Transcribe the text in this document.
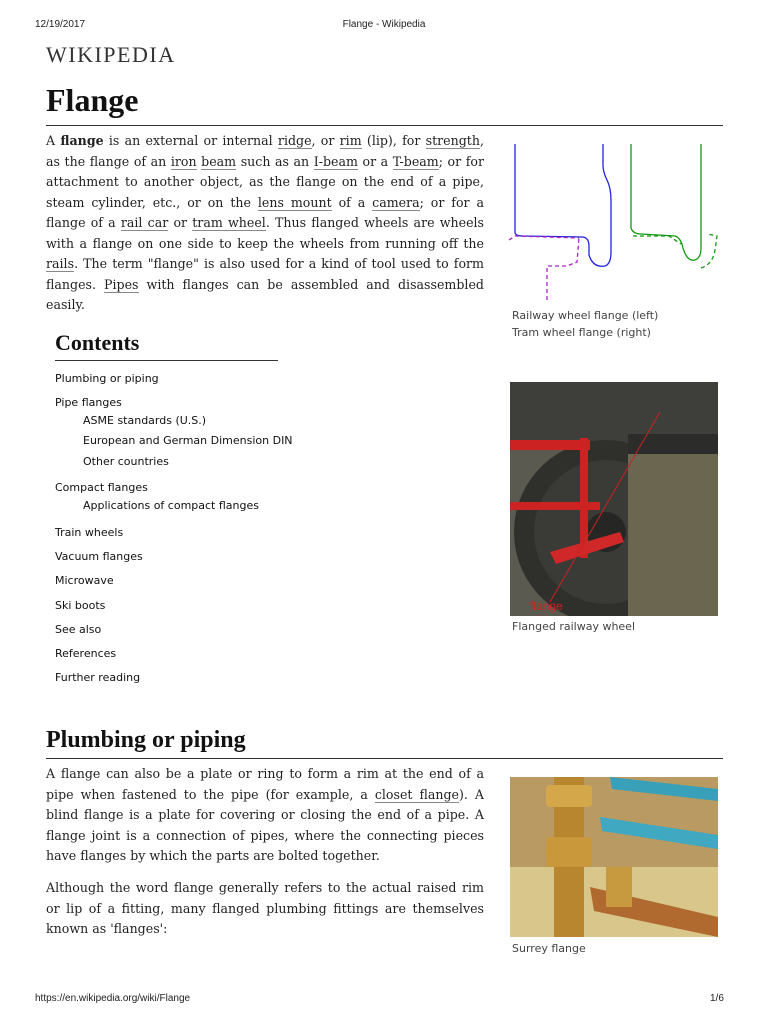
12/19/2017	Flange - Wikipedia
WIKIPEDIA
Flange
A flange is an external or internal ridge, or rim (lip), for strength, as the flange of an iron beam such as an I-beam or a T-beam; or for attachment to another object, as the flange on the end of a pipe, steam cylinder, etc., or on the lens mount of a camera; or for a flange of a rail car or tram wheel. Thus flanged wheels are wheels with a flange on one side to keep the wheels from running off the rails. The term "flange" is also used for a kind of tool used to form flanges. Pipes with flanges can be assembled and disassembled easily.
Railway wheel flange (left)
Tram wheel flange (right)
Contents
Plumbing or piping
Pipe flanges
ASME standards (U.S.)
European and German Dimension DIN
Other countries
Compact flanges
Applications of compact flanges
Train wheels
Vacuum flanges
Microwave
Ski boots
See also
References
Further reading
flange
Flanged railway wheel
Plumbing or piping
A flange can also be a plate or ring to form a rim at the end of a pipe when fastened to the pipe (for example, a closet flange). A blind flange is a plate for covering or closing the end of a pipe. A flange joint is a connection of pipes, where the connecting pieces have flanges by which the parts are bolted together.
Although the word flange generally refers to the actual raised rim or lip of a fitting, many flanged plumbing fittings are themselves known as 'flanges':
Surrey flange
https://en.wikipedia.org/wiki/Flange	1/6
